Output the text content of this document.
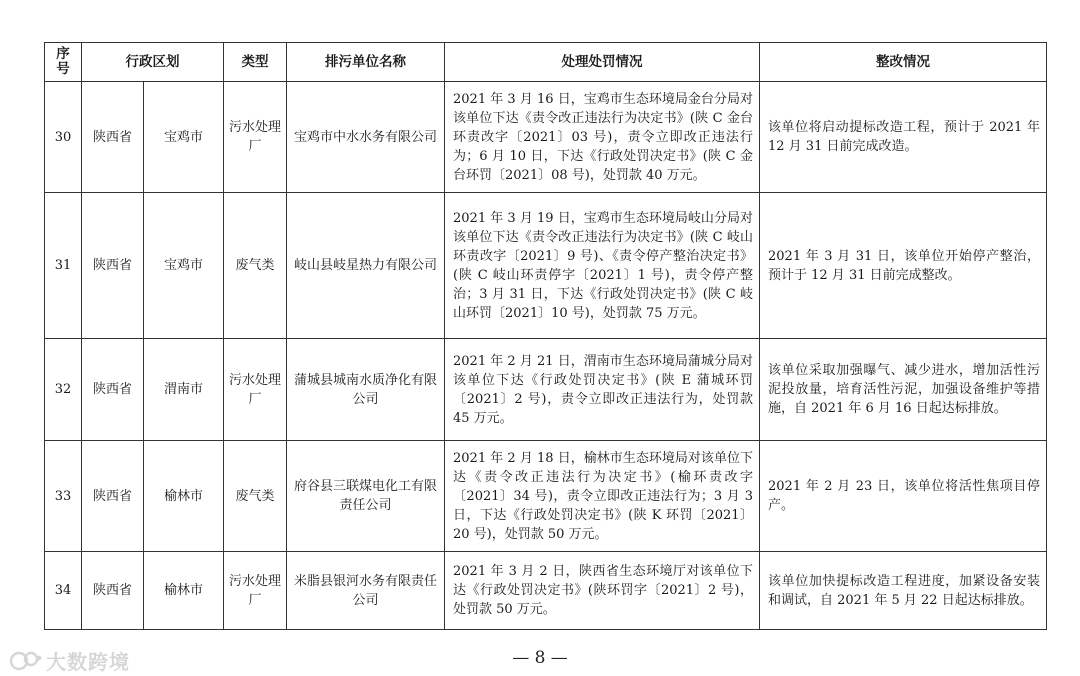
序号	行政区划		类型	排污单位名称	处理处罚情况	整改情况
30	陕西省	宝鸡市	污水处理厂	宝鸡市中水水务有限公司	2021 年 3 月 16 日，宝鸡市生态环境局金台分局对该单位下达《责令改正违法行为决定书》(陕 C 金台环责改字〔2021〕03 号)，责令立即改正违法行为；6 月 10 日，下达《行政处罚决定书》(陕 C 金台环罚〔2021〕08 号)，处罚款 40 万元。	该单位将启动提标改造工程，预计于 2021 年 12 月 31 日前完成改造。
31	陕西省	宝鸡市	废气类	岐山县岐星热力有限公司	2021 年 3 月 19 日，宝鸡市生态环境局岐山分局对该单位下达《责令改正违法行为决定书》(陕 C 岐山环责改字〔2021〕9 号)、《责令停产整治决定书》(陕 C 岐山环责停字〔2021〕1 号)，责令停产整治；3 月 31 日，下达《行政处罚决定书》(陕 C 岐山环罚〔2021〕10 号)，处罚款 75 万元。	2021 年 3 月 31 日，该单位开始停产整治，预计于 12 月 31 日前完成整改。
32	陕西省	渭南市	污水处理厂	蒲城县城南水质净化有限公司	2021 年 2 月 21 日，渭南市生态环境局蒲城分局对该单位下达《行政处罚决定书》(陕 E 蒲城环罚〔2021〕2 号)，责令立即改正违法行为，处罚款 45 万元。	该单位采取加强曝气、减少进水，增加活性污泥投放量，培育活性污泥，加强设备维护等措施，自 2021 年 6 月 16 日起达标排放。
33	陕西省	榆林市	废气类	府谷县三联煤电化工有限责任公司	2021 年 2 月 18 日，榆林市生态环境局对该单位下达《责令改正违法行为决定书》(榆环责改字〔2021〕34 号)，责令立即改正违法行为；3 月 3 日，下达《行政处罚决定书》(陕 K 环罚〔2021〕20 号)，处罚款 50 万元。	2021 年 2 月 23 日，该单位将活性焦项目停产。
34	陕西省	榆林市	污水处理厂	米脂县银河水务有限责任公司	2021 年 3 月 2 日，陕西省生态环境厅对该单位下达《行政处罚决定书》(陕环罚字〔2021〕2 号)，处罚款 50 万元。	该单位加快提标改造工程进度，加紧设备安装和调试，自 2021 年 5 月 22 日起达标排放。
— 8 —
大数跨境
